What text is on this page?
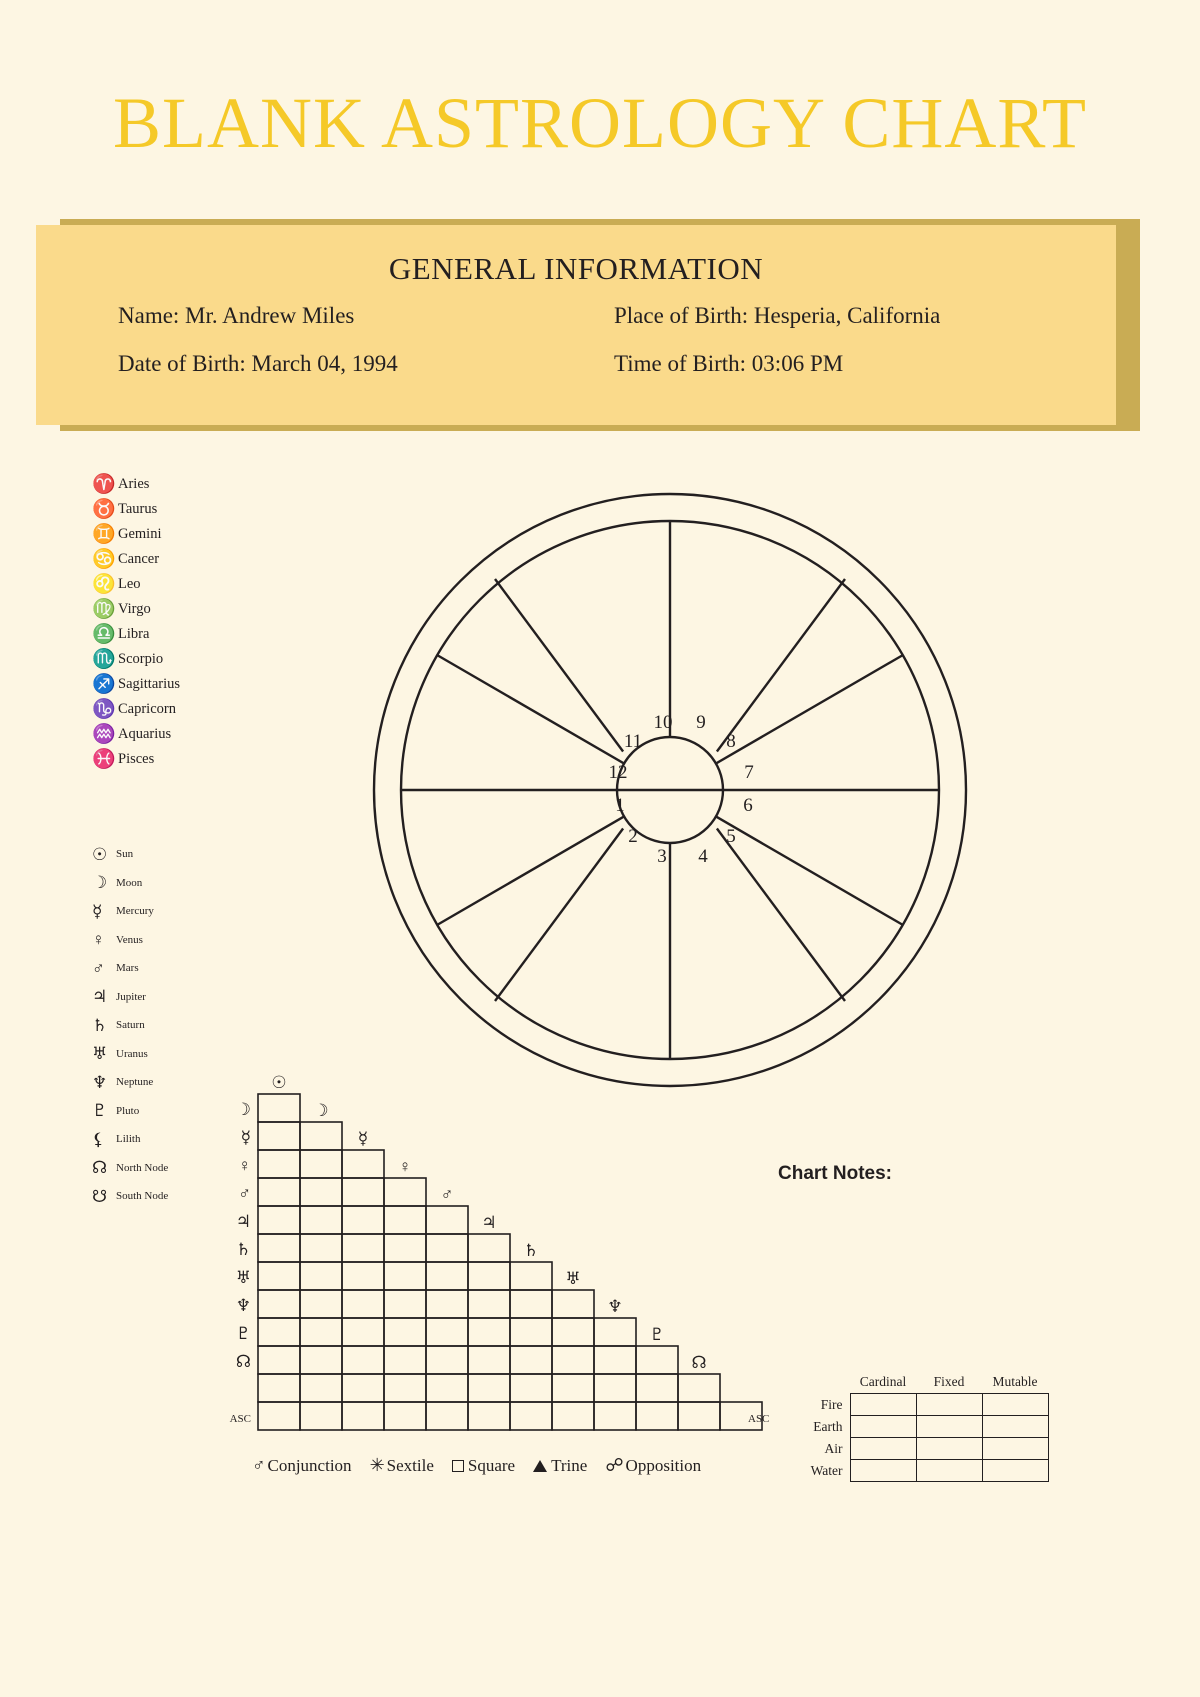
BLANK ASTROLOGY CHART
GENERAL INFORMATION
Name: Mr. Andrew Miles	Place of Birth: Hesperia, California
Date of Birth: March 04, 1994	Time of Birth: 03:06 PM
♈ Aries
♉ Taurus
♊ Gemini
♋ Cancer
♌ Leo
♍ Virgo
♎ Libra
♏ Scorpio
♐ Sagittarius
♑ Capricorn
♒ Aquarius
♓ Pisces
☉ Sun
☽ Moon
☿	Mercury
♀	Venus
♂	Mars
♃ Jupiter
♄ Saturn
♅ Uranus
♆ Neptune
♇ Pluto
⚸	Lilith
☊ North Node
☋ South Node
1
2
3 4
5
6
7
8
9
10
11
12
Chart Notes:
☽
☿
♀
♂
♃
♄
♅
♆
♇
☊
ASC
☉
☽
☿
♀
♂
♃
♄
♅
♆
♇
☊
ASC
♂ Conjunction ✳ Sextile Square Trine ☍ Opposition
	Cardinal	Fixed	Mutable
Fire			
Earth			
Air			
Water			
